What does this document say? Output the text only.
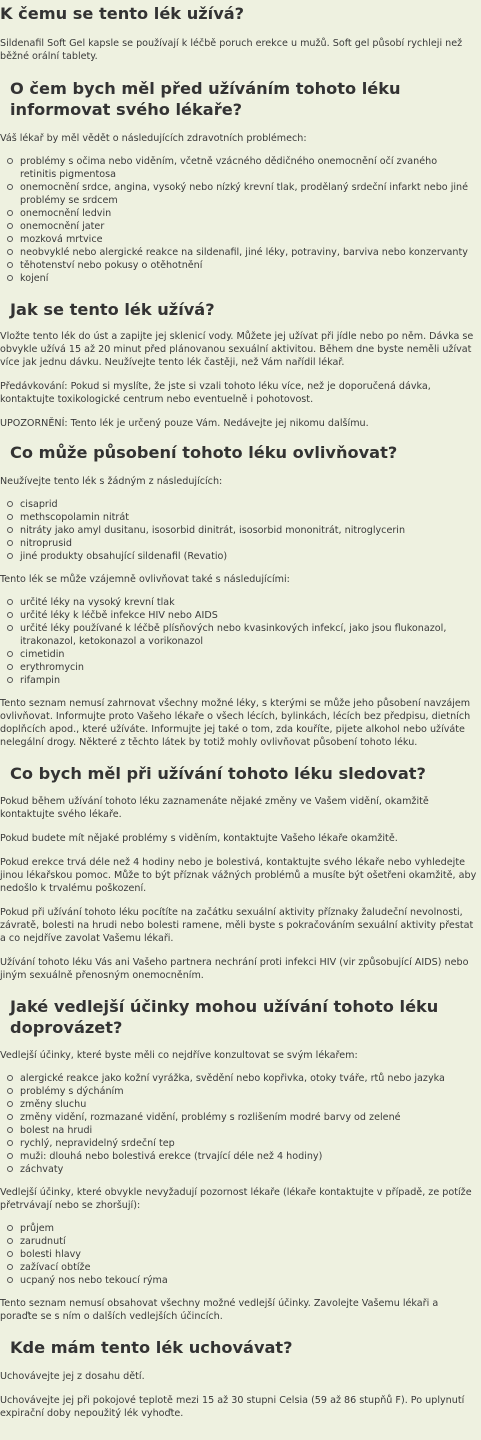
K čemu se tento lék užívá?

Sildenafil Soft Gel kapsle se používají k léčbě poruch erekce u mužů. Soft gel působí rychleji než běžné orální tablety.

O čem bych měl před užíváním tohoto léku informovat svého lékaře?

Váš lékař by měl vědět o následujících zdravotních problémech:

problémy s očima nebo viděním, včetně vzácného dědičného onemocnění očí zvaného retinitis pigmentosa
onemocnění srdce, angina, vysoký nebo nízký krevní tlak, prodělaný srdeční infarkt nebo jiné problémy se srdcem
onemocnění ledvin
onemocnění jater
mozková mrtvice
neobvyklé nebo alergické reakce na sildenafil, jiné léky, potraviny, barviva nebo konzervanty
těhotenství nebo pokusy o otěhotnění
kojení
Jak se tento lék užívá?

Vložte tento lék do úst a zapijte jej sklenicí vody. Můžete jej užívat při jídle nebo po něm. Dávka se obvykle užívá 15 až 20 minut před plánovanou sexuální aktivitou. Během dne byste neměli užívat více jak jednu dávku. Neužívejte tento lék častěji, než Vám nařídil lékař.

Předávkování: Pokud si myslíte, že jste si vzali tohoto léku více, než je doporučená dávka, kontaktujte toxikologické centrum nebo eventuelně i pohotovost.

UPOZORNĚNÍ: Tento lék je určený pouze Vám. Nedávejte jej nikomu dalšímu.

Co může působení tohoto léku ovlivňovat?

Neužívejte tento lék s žádným z následujících:

cisaprid
methscopolamin nitrát
nitráty jako amyl dusitanu, isosorbid dinitrát, isosorbid mononitrát, nitroglycerin
nitroprusid
jiné produkty obsahující sildenafil (Revatio)

Tento lék se může vzájemně ovlivňovat také s následujícími:

určité léky na vysoký krevní tlak
určité léky k léčbě infekce HIV nebo AIDS
určité léky používané k léčbě plísňových nebo kvasinkových infekcí, jako jsou flukonazol, itrakonazol, ketokonazol a vorikonazol
cimetidin
erythromycin
rifampin

Tento seznam nemusí zahrnovat všechny možné léky, s kterými se může jeho působení navzájem ovlivňovat. Informujte proto Vašeho lékaře o všech lécích, bylinkách, lécích bez předpisu, dietních doplňcích apod., které užíváte. Informujte jej také o tom, zda kouříte, pijete alkohol nebo užíváte nelegální drogy. Některé z těchto látek by totiž mohly ovlivňovat působení tohoto léku.

Co bych měl při užívání tohoto léku sledovat?

Pokud během užívání tohoto léku zaznamenáte nějaké změny ve Vašem vidění, okamžitě kontaktujte svého lékaře.

Pokud budete mít nějaké problémy s viděním, kontaktujte Vašeho lékaře okamžitě.

Pokud erekce trvá déle než 4 hodiny nebo je bolestivá, kontaktujte svého lékaře nebo vyhledejte jinou lékařskou pomoc. Může to být příznak vážných problémů a musíte být ošetřeni okamžitě, aby nedošlo k trvalému poškození.

Pokud při užívání tohoto léku pocítíte na začátku sexuální aktivity příznaky žaludeční nevolnosti, závratě, bolesti na hrudi nebo bolesti ramene, měli byste s pokračováním sexuální aktivity přestat a co nejdříve zavolat Vašemu lékaři.

Užívání tohoto léku Vás ani Vašeho partnera nechrání proti infekci HIV (vir způsobující AIDS) nebo jiným sexuálně přenosným onemocněním.

Jaké vedlejší účinky mohou užívání tohoto léku doprovázet?

Vedlejší účinky, které byste měli co nejdříve konzultovat se svým lékařem:

alergické reakce jako kožní vyrážka, svědění nebo kopřivka, otoky tváře, rtů nebo jazyka
problémy s dýcháním
změny sluchu
změny vidění, rozmazané vidění, problémy s rozlišením modré barvy od zelené
bolest na hrudi
rychlý, nepravidelný srdeční tep
muži: dlouhá nebo bolestivá erekce (trvající déle než 4 hodiny)
záchvaty

Vedlejší účinky, které obvykle nevyžadují pozornost lékaře (lékaře kontaktujte v případě, ze potíže přetrvávají nebo se zhoršují):

průjem
zarudnutí
bolesti hlavy
zažívací obtíže
ucpaný nos nebo tekoucí rýma

Tento seznam nemusí obsahovat všechny možné vedlejší účinky. Zavolejte Vašemu lékaři a poraďte se s ním o dalších vedlejších účincích.

Kde mám tento lék uchovávat?

Uchovávejte jej z dosahu dětí.

Uchovávejte jej při pokojové teplotě mezi 15 až 30 stupni Celsia (59 až 86 stupňů F). Po uplynutí expirační doby nepoužitý lék vyhoďte.
